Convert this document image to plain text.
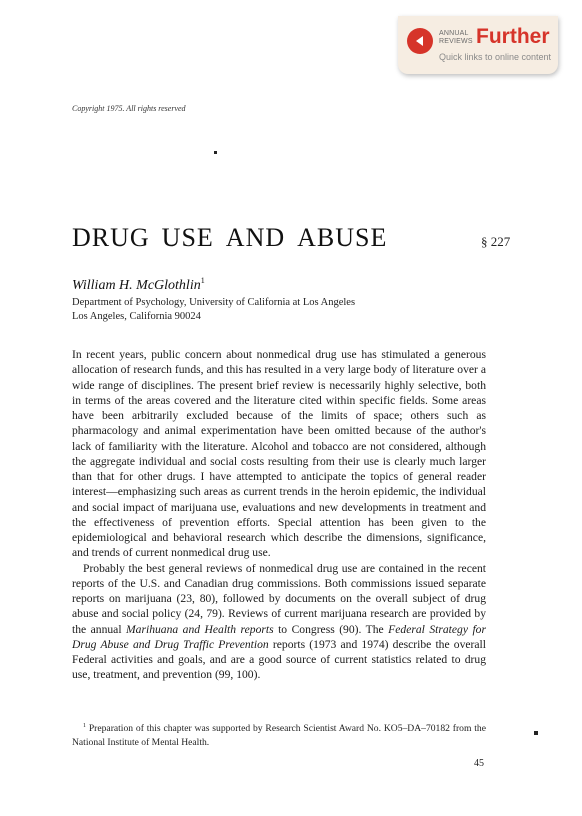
ANNUAL
REVIEWS Further
Quick links to online content
Copyright 1975. All rights reserved
DRUG USE AND ABUSE	§ 227
William H. McGlothlin$^1$
Department of Psychology, University of California at Los Angeles
Los Angeles, California 90024

In recent years, public concern about nonmedical drug use has stimulated a generous allocation of research funds, and this has resulted in a very large body of literature over a wide range of disciplines. The present brief review is necessarily highly selective, both in terms of the areas covered and the literature cited within specific fields. Some areas have been arbitrarily excluded because of the limits of space; others such as pharmacology and animal experimentation have been omitted because of the author's lack of familiarity with the literature. Alcohol and tobacco are not considered, although the aggregate individual and social costs resulting from their use is clearly much larger than that for other drugs. I have attempted to anticipate the topics of general reader interest—emphasizing such areas as current trends in the heroin epidemic, the individual and social impact of marijuana use, evaluations and new developments in treatment and the effectiveness of prevention efforts. Special attention has been given to the epidemiological and behavioral research which describe the dimensions, significance, and trends of current nonmedical drug use.

Probably the best general reviews of nonmedical drug use are contained in the recent reports of the U.S. and Canadian drug commissions. Both commissions issued separate reports on marijuana (23, 80), followed by documents on the overall subject of drug abuse and social policy (24, 79). Reviews of current marijuana research are provided by the annual Marihuana and Health reports to Congress (90). The Federal Strategy for Drug Abuse and Drug Traffic Prevention reports (1973 and 1974) describe the overall Federal activities and goals, and are a good source of current statistics related to drug use, treatment, and prevention (99, 100).

$^1$ Preparation of this chapter was supported by Research Scientist Award No. KO5–DA–70182 from the National Institute of Mental Health.
45
